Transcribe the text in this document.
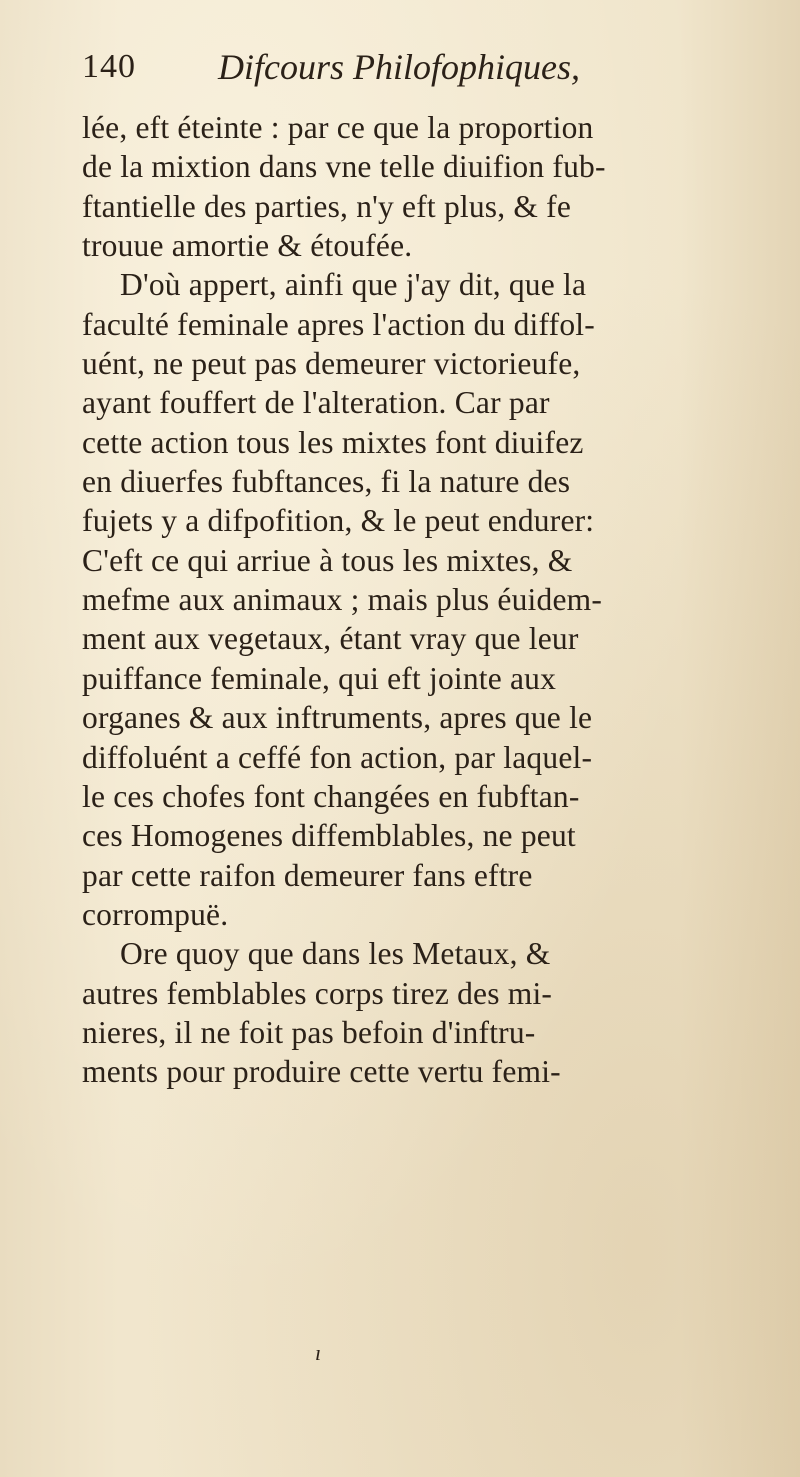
140 Difcours Philofophiques,
lée, eft éteinte : par ce que la proportion
de la mixtion dans vne telle diuifion fub-
ftantielle des parties, n'y eft plus, & fe
trouue amortie & étoufée.
D'où appert, ainfi que j'ay dit, que la
faculté feminale apres l'action du diffol-
uént, ne peut pas demeurer victorieufe,
ayant fouffert de l'alteration. Car par
cette action tous les mixtes font diuifez
en diuerfes fubftances, fi la nature des
fujets y a difpofition, & le peut endurer:
C'eft ce qui arriue à tous les mixtes, &
mefme aux animaux ; mais plus éuidem-
ment aux vegetaux, étant vray que leur
puiffance feminale, qui eft jointe aux
organes & aux inftruments, apres que le
diffoluént a ceffé fon action, par laquel-
le ces chofes font changées en fubftan-
ces Homogenes diffemblables, ne peut
par cette raifon demeurer fans eftre
corrompuë.
Ore quoy que dans les Metaux, &
autres femblables corps tirez des mi-
nieres, il ne foit pas befoin d'inftru-
ments pour produire cette vertu femi-
ı
